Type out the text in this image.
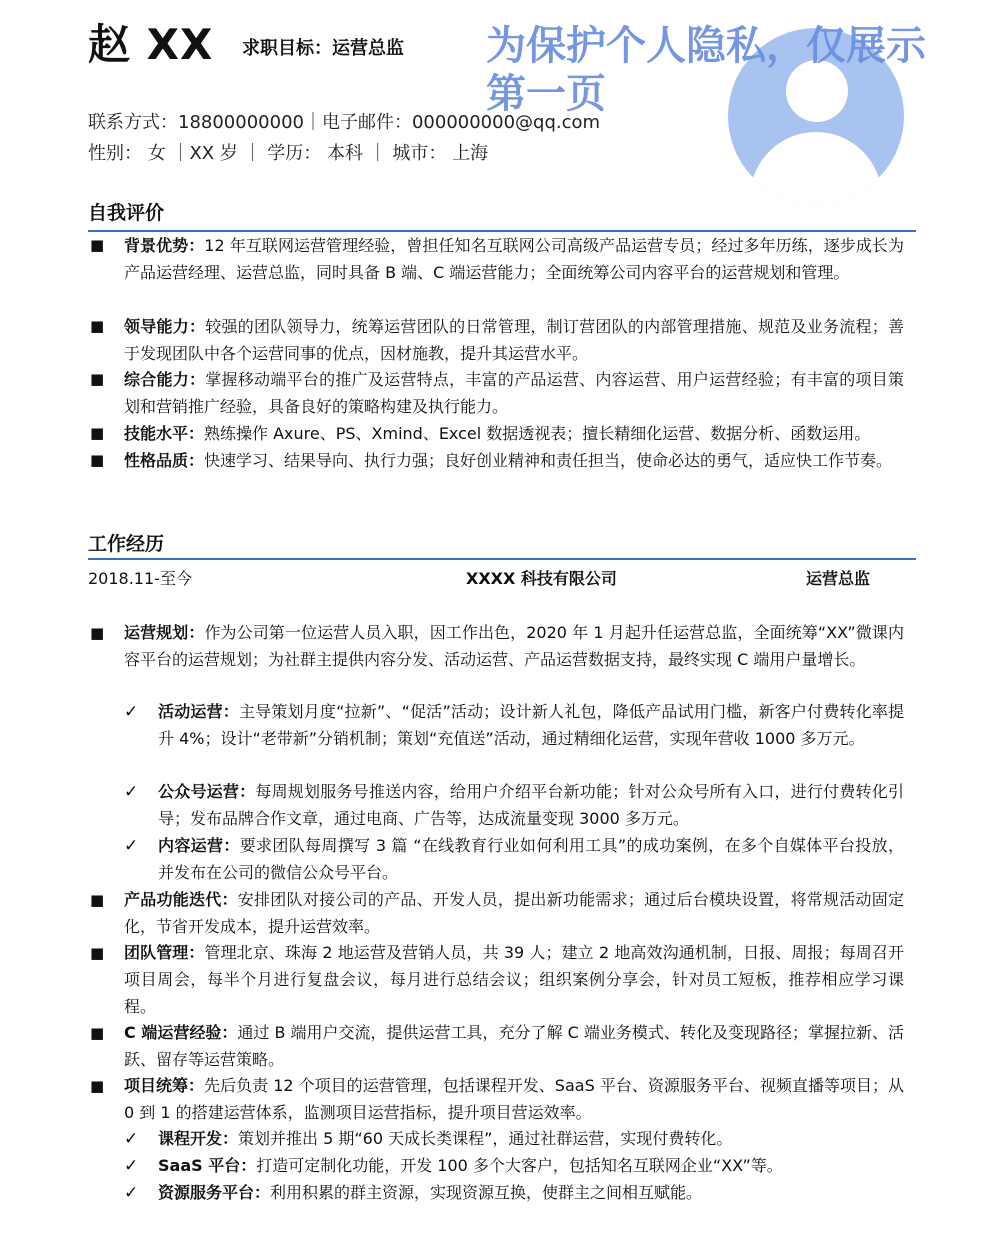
赵 XX 求职目标：运营总监
联系方式：18800000000｜电子邮件：000000000@qq.com
性别： 女 ｜XX 岁 ｜ 学历： 本科 ｜ 城市： 上海
为保护个人隐私，仅展示第一页
自我评价
■ 背景优势：12 年互联网运营管理经验，曾担任知名互联网公司高级产品运营专员；经过多年历练，逐步成长为产品运营经理、运营总监，同时具备 B 端、C 端运营能力；全面统筹公司内容平台的运营规划和管理。
■ 领导能力：较强的团队领导力，统筹运营团队的日常管理，制订营团队的内部管理措施、规范及业务流程；善于发现团队中各个运营同事的优点，因材施教，提升其运营水平。
■ 综合能力：掌握移动端平台的推广及运营特点，丰富的产品运营、内容运营、用户运营经验；有丰富的项目策划和营销推广经验，具备良好的策略构建及执行能力。
■ 技能水平：熟练操作 Axure、PS、Xmind、Excel 数据透视表；擅长精细化运营、数据分析、函数运用。
■ 性格品质：快速学习、结果导向、执行力强；良好创业精神和责任担当，使命必达的勇气，适应快工作节奏。
工作经历
2018.11-至今	XXXX 科技有限公司	运营总监
■ 运营规划：作为公司第一位运营人员入职，因工作出色，2020 年 1 月起升任运营总监，全面统筹“XX”微课内容平台的运营规划；为社群主提供内容分发、活动运营、产品运营数据支持，最终实现 C 端用户量增长。
✓ 活动运营：主导策划月度“拉新”、“促活”活动；设计新人礼包，降低产品试用门槛，新客户付费转化率提升 4%；设计“老带新”分销机制；策划“充值送”活动，通过精细化运营，实现年营收 1000 多万元。
✓ 公众号运营：每周规划服务号推送内容，给用户介绍平台新功能；针对公众号所有入口，进行付费转化引导；发布品牌合作文章，通过电商、广告等，达成流量变现 3000 多万元。
✓ 内容运营：要求团队每周撰写 3 篇 “在线教育行业如何利用工具”的成功案例，在多个自媒体平台投放，并发布在公司的微信公众号平台。
■ 产品功能迭代：安排团队对接公司的产品、开发人员，提出新功能需求；通过后台模块设置，将常规活动固定化，节省开发成本，提升运营效率。
■ 团队管理：管理北京、珠海 2 地运营及营销人员，共 39 人；建立 2 地高效沟通机制，日报、周报；每周召开项目周会，每半个月进行复盘会议，每月进行总结会议；组织案例分享会，针对员工短板，推荐相应学习课程。
■ C 端运营经验：通过 B 端用户交流，提供运营工具，充分了解 C 端业务模式、转化及变现路径；掌握拉新、活跃、留存等运营策略。
■ 项目统筹：先后负责 12 个项目的运营管理，包括课程开发、SaaS 平台、资源服务平台、视频直播等项目；从 0 到 1 的搭建运营体系，监测项目运营指标，提升项目营运效率。
✓ 课程开发：策划并推出 5 期“60 天成长类课程”，通过社群运营，实现付费转化。
✓ SaaS 平台：打造可定制化功能，开发 100 多个大客户，包括知名互联网企业“XX”等。
✓ 资源服务平台：利用积累的群主资源，实现资源互换，使群主之间相互赋能。
